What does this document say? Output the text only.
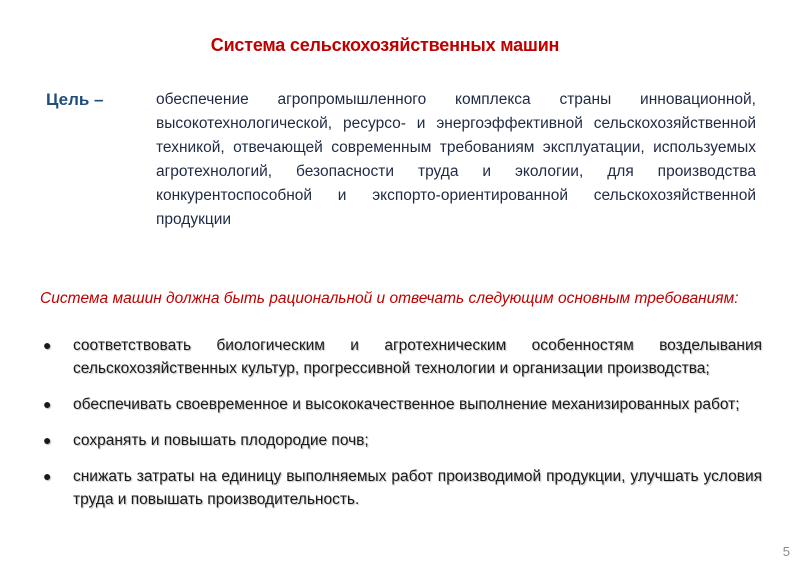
Система сельскохозяйственных машин
Цель –	обеспечение агропромышленного комплекса страны инновационной, высокотехнологической, ресурсо- и энергоэффективной сельскохозяйственной техникой, отвечающей современным требованиям эксплуатации, используемых агротехнологий, безопасности труда и экологии, для производства конкурентоспособной и экспорто-ориентированной сельскохозяйственной продукции
Система машин должна быть рациональной и отвечать следующим основным требованиям:
● соответствовать биологическим и агротехническим особенностям возделывания сельскохозяйственных культур, прогрессивной технологии и организации производства;
● обеспечивать своевременное и высококачественное выполнение механизированных работ;
● сохранять и повышать плодородие почв;
● снижать затраты на единицу выполняемых работ производимой продукции, улучшать условия труда и повышать производительность.
5
